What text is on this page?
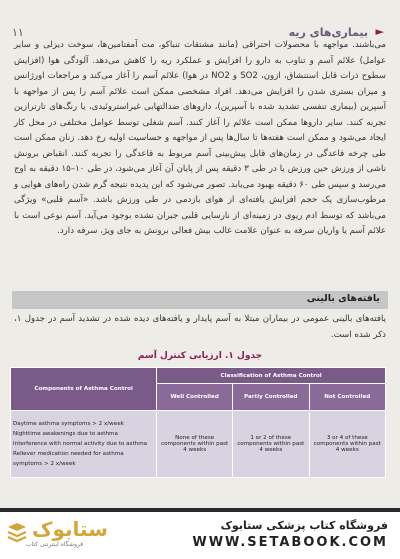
۱۱	بیماری‌های ریه ►
می‌باشند. مواجهه با محصولات احتراقی (مانند مشتقات تنباکو، مت آمفتامین‌ها، سوخت دیزلی و سایر عوامل) علائم آسم و تناوب به دارو را افزایش و عملکرد ریه را کاهش می‌دهد. آلودگی هوا (افزایش سطوح ذرات قابل استنشاق، ازون، SO2 و NO2 در هوا) علائم آسم را آغاز می‌کند و مراجعات اورژانس و میزان بستری شدن را افزایش می‌دهد. افراد مشخصی ممکن است علائم آسم را پس از مواجهه با آسپرین (بیماری تنفسی تشدید شده با آسپرین)، داروهای ضدالتهابی غیراستروئیدی، یا رنگ‌های تارترازین تجربه کنند. سایر داروها ممکن است علائم را آغاز کنند. آسم شغلی توسط عوامل مختلفی در محل کار ایجاد می‌شود و ممکن است هفته‌ها تا سال‌ها پس از مواجهه و حساسیت اولیه رخ دهد. زنان ممکن است طی چرخه قاعدگی در زمان‌های قابل پیش‌بینی آسم مربوط به قاعدگی را تجربه کنند. انقباض برونش ناشی از ورزش حین ورزش یا در طی ۳ دقیقه پس از پایان آن آغاز می‌شود، در طی ۱۰–۱۵ دقیقه به اوج می‌رسد و سپس طی ۶۰ دقیقه بهبود می‌یابد. تصور می‌شود که این پدیده نتیجه گرم شدن راه‌های هوایی و مرطوب‌سازی یک حجم افزایش یافته‌ای از هوای بازدمی در طی ورزش باشد. «آسم قلبی» ویژگی می‌باشد که توسط ادم ریوی در زمینه‌ای از نارسایی قلبی جبران نشده بوجود می‌آید. آسم نوعی است با علائم آسم یا واریان سرفه به عنوان علامت غالب بیش فعالی برونش به جای ویژ، سرفه دارد.
یافته‌های بالینی
یافته‌های بالینی عمومی در بیماران مبتلا به آسم پایدار و یافته‌های دیده شده در تشدید آسم در جدول ۱، ذکر شده است.
جدول ۱. ارزیابی کنترل آسم
Components of Asthma Control	Classification of Asthma Control		
	Well Controlled	Partly Controlled	Not Controlled

Daytime asthma symptoms > 2 x/week
Nighttime awakenings due to asthma
Interference with normal activity due to asthma
Reliever medication needed for asthma symptoms > 2 x/week	None of these components within past 4 weeks	1 or 2 of these components within past 4 weeks	3 or 4 of these components within past 4 weeks
ستابوک
فروشگاه اینترنتی کتاب
فروشگاه کتاب پزشکی ستابوک
WWW.SETABOOK.COM
